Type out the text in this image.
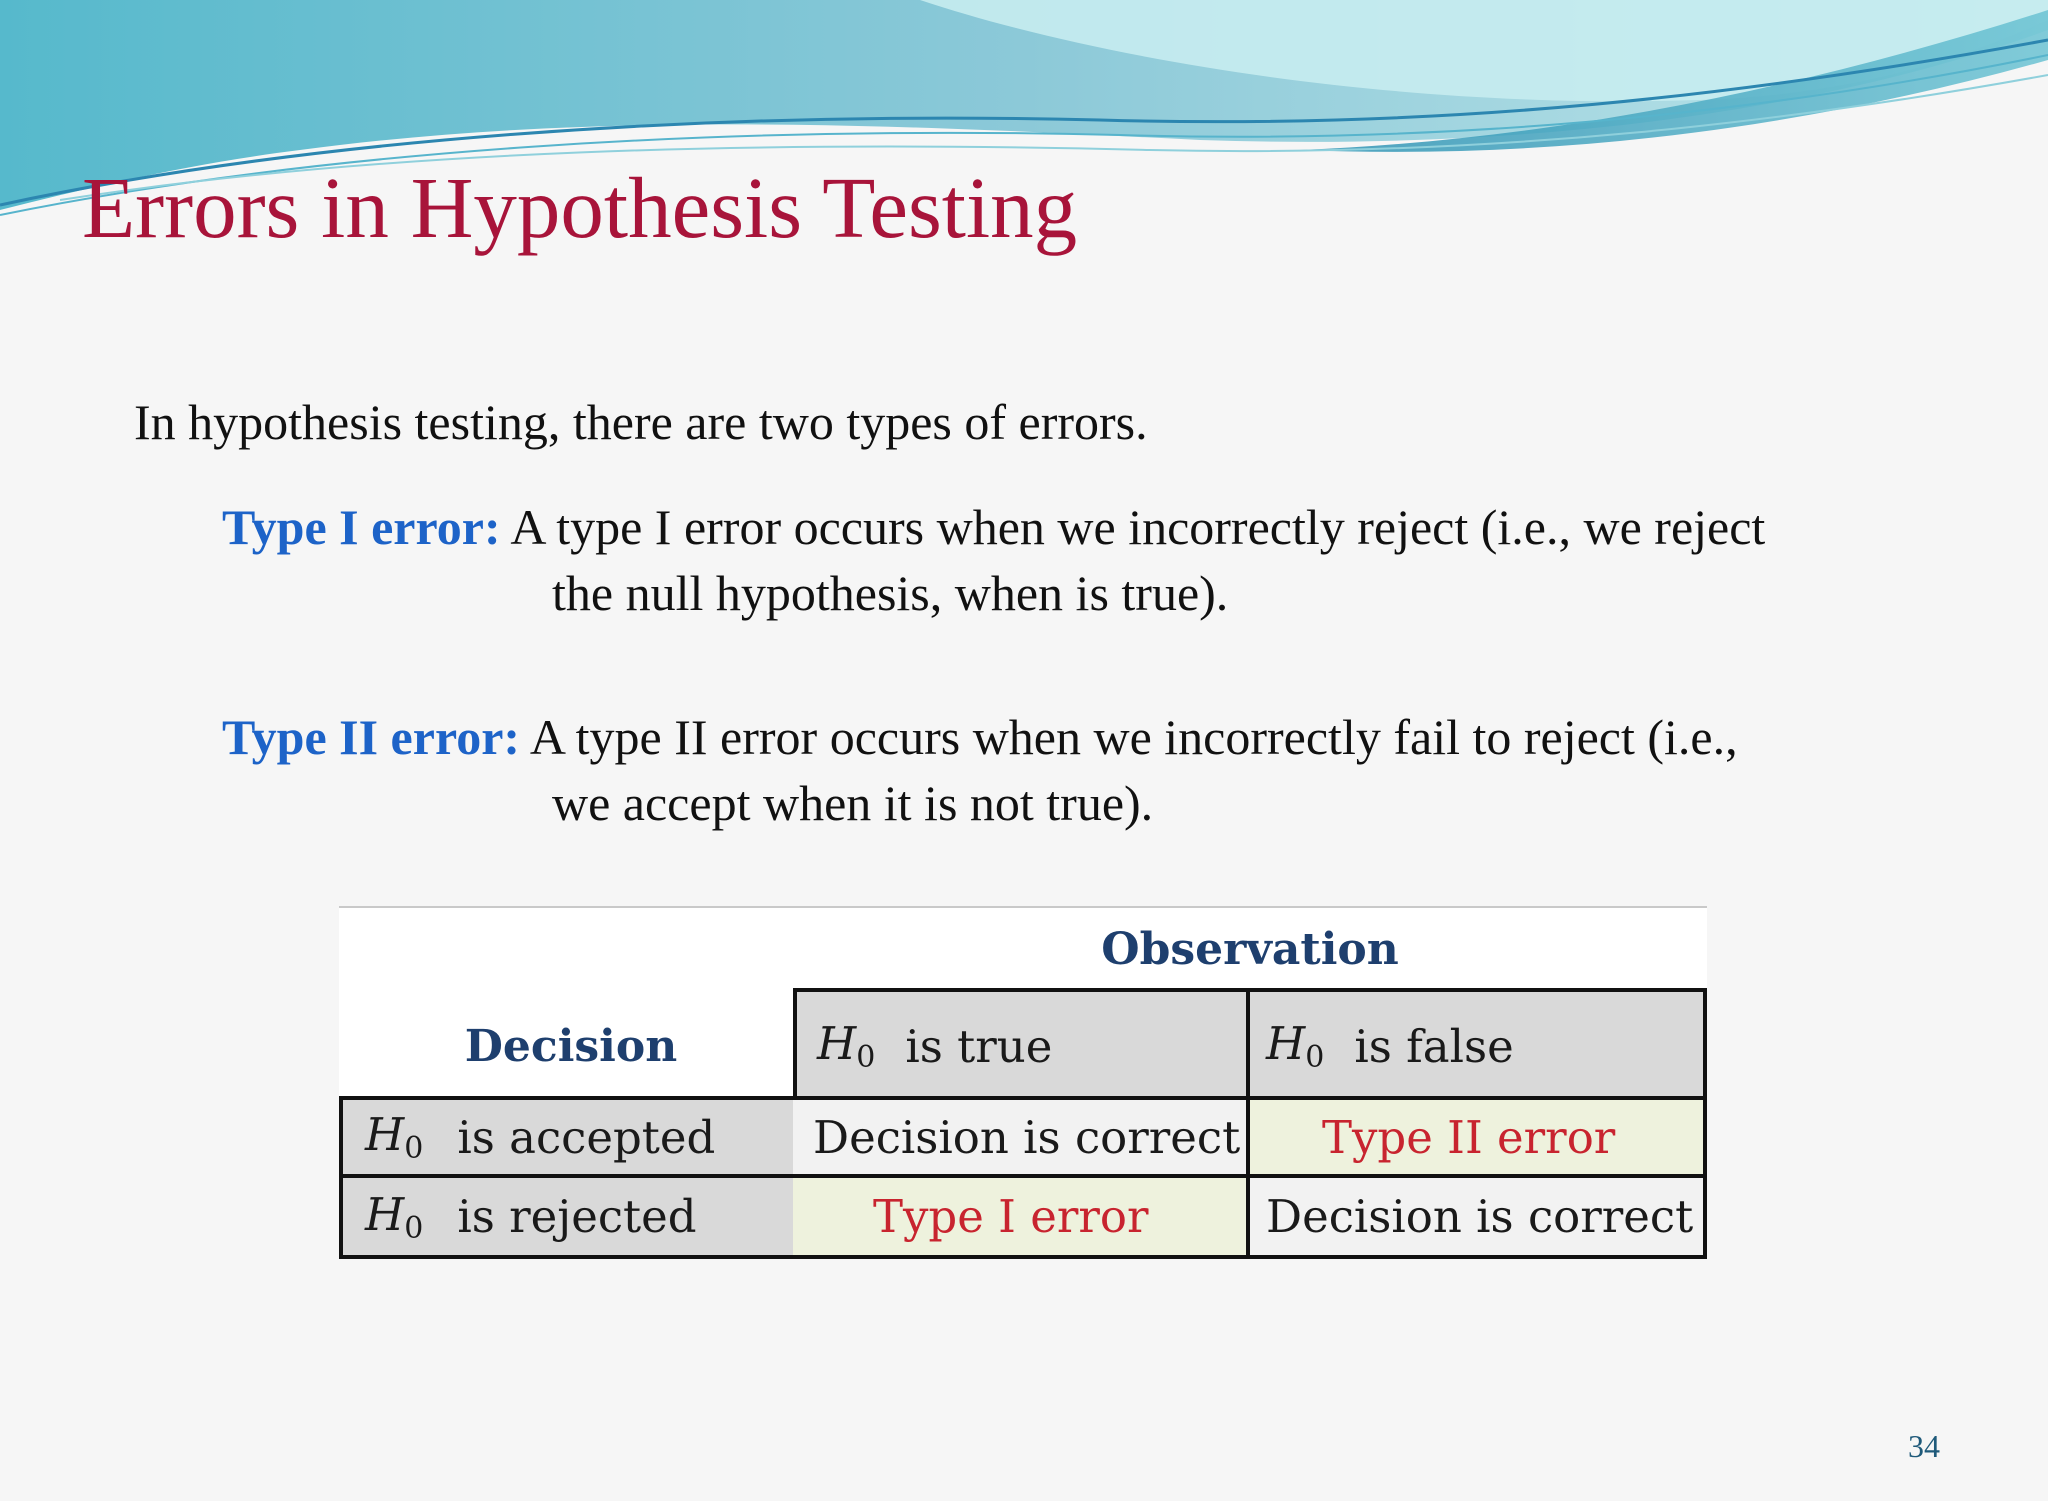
Errors in Hypothesis Testing
In hypothesis testing, there are two types of errors.
Type I error: A type I error occurs when we incorrectly reject (i.e., we reject
the null hypothesis, when is true).
Type II error: A type II error occurs when we incorrectly fail to reject (i.e.,
we accept when it is not true).
Observation
Decision	$H_0$ is true	$H_0$ is false
$H_0$ is accepted	Decision is correct	Type II error
$H_0$ is rejected	Type I error	Decision is correct
34
